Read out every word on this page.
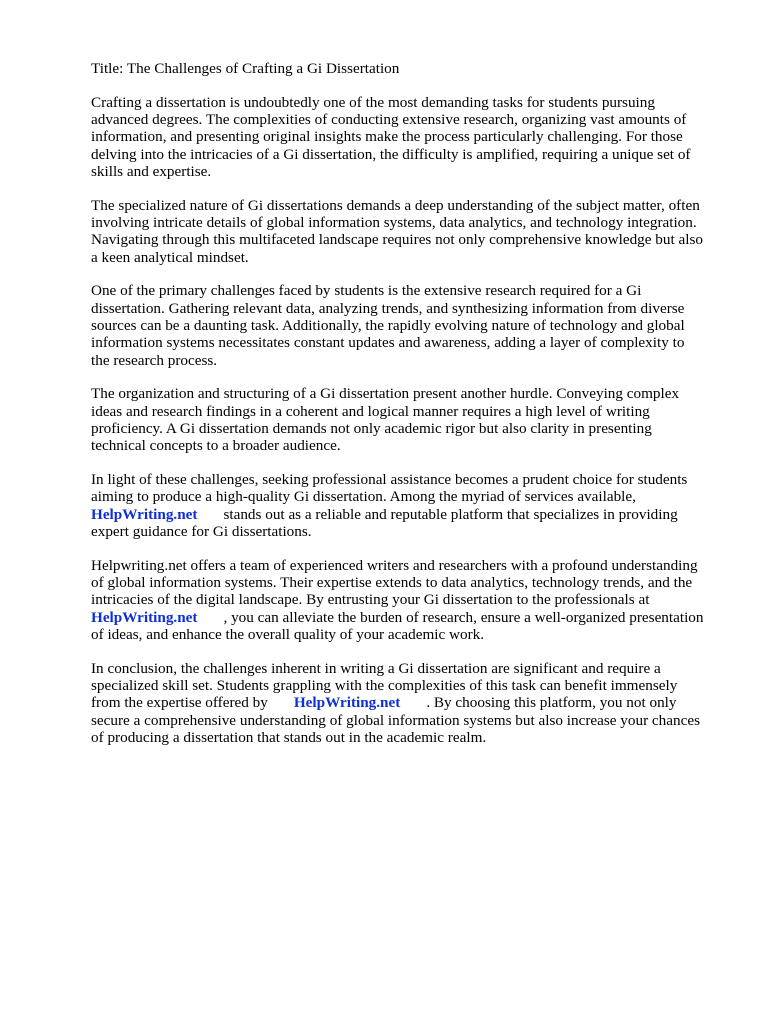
Title: The Challenges of Crafting a Gi Dissertation
Crafting a dissertation is undoubtedly one of the most demanding tasks for students pursuing
advanced degrees. The complexities of conducting extensive research, organizing vast amounts of
information, and presenting original insights make the process particularly challenging. For those
delving into the intricacies of a Gi dissertation, the difficulty is amplified, requiring a unique set of
skills and expertise.
The specialized nature of Gi dissertations demands a deep understanding of the subject matter, often
involving intricate details of global information systems, data analytics, and technology integration.
Navigating through this multifaceted landscape requires not only comprehensive knowledge but also
a keen analytical mindset.
One of the primary challenges faced by students is the extensive research required for a Gi
dissertation. Gathering relevant data, analyzing trends, and synthesizing information from diverse
sources can be a daunting task. Additionally, the rapidly evolving nature of technology and global
information systems necessitates constant updates and awareness, adding a layer of complexity to
the research process.
The organization and structuring of a Gi dissertation present another hurdle. Conveying complex
ideas and research findings in a coherent and logical manner requires a high level of writing
proficiency. A Gi dissertation demands not only academic rigor but also clarity in presenting
technical concepts to a broader audience.
In light of these challenges, seeking professional assistance becomes a prudent choice for students
aiming to produce a high-quality Gi dissertation. Among the myriad of services available,
HelpWriting.net stands out as a reliable and reputable platform that specializes in providing
expert guidance for Gi dissertations.
Helpwriting.net offers a team of experienced writers and researchers with a profound understanding
of global information systems. Their expertise extends to data analytics, technology trends, and the
intricacies of the digital landscape. By entrusting your Gi dissertation to the professionals at
HelpWriting.net , you can alleviate the burden of research, ensure a well-organized presentation
of ideas, and enhance the overall quality of your academic work.
In conclusion, the challenges inherent in writing a Gi dissertation are significant and require a
specialized skill set. Students grappling with the complexities of this task can benefit immensely
from the expertise offered by HelpWriting.net . By choosing this platform, you not only
secure a comprehensive understanding of global information systems but also increase your chances
of producing a dissertation that stands out in the academic realm.
